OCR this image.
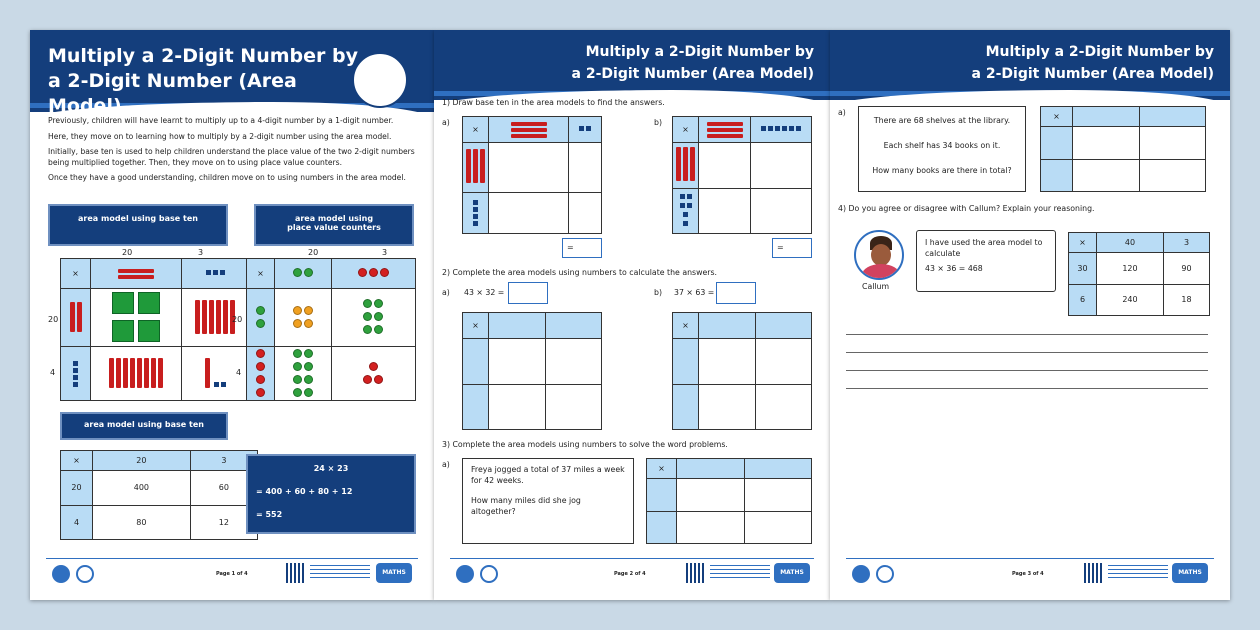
Multiply a 2-Digit Number by a 2-Digit Number (Area Model)

Previously, children will have learnt to multiply up to a 4-digit number by a 1-digit number.

Here, they move on to learning how to multiply by a 2-digit number using the area model.

Initially, base ten is used to help children understand the place value of the two 2-digit numbers being multiplied together. Then, they move on to using place value counters.

Once they have a good understanding, children move on to using numbers in the area model.

area model using base ten	area model using place value counters
20	3
20
4
×	

20	3
20
4
×		

area model using base ten
×	20	3
20	400	60
4	80	12
24 × 23
= 400 + 60 + 80 + 12
= 552
Page 1 of 4	MATHS
Multiply a 2-Digit Number by
a 2-Digit Number (Area Model)
1) Draw base ten in the area models to find the answers.
a)	b)
×	

=
×	

=
2) Complete the area models using numbers to calculate the answers.
a) 43 × 32 =	b) 37 × 63 =
×		

			×		

3) Complete the area models using numbers to solve the word problems.
a)
Freya jogged a total of 37 miles a week for 42 weeks.
How many miles did she jog altogether?
×		

Page 2 of 4	MATHS
Multiply a 2-Digit Number by
a 2-Digit Number (Area Model)
a)
There are 68 shelves at the library.
Each shelf has 34 books on it.
How many books are there in total?
×		

4) Do you agree or disagree with Callum? Explain your reasoning.
Callum
I have used the area model to calculate
43 × 36 = 468
×	40	3
30	120	90
6	240	18
Page 3 of 4	MATHS
